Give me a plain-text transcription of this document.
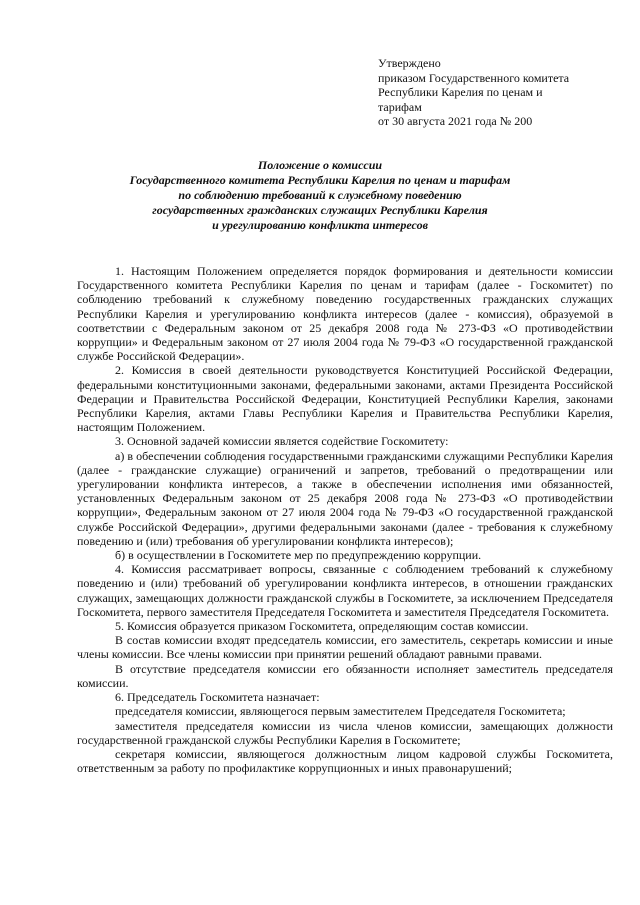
Утверждено
приказом Государственного комитета
Республики Карелия по ценам и
тарифам
от 30 августа 2021 года № 200
Положение о комиссии
Государственного комитета Республики Карелия по ценам и тарифам
по соблюдению требований к служебному поведению
государственных гражданских служащих Республики Карелия
и урегулированию конфликта интересов

1. Настоящим Положением определяется порядок формирования и деятельности комиссии Государственного комитета Республики Карелия по ценам и тарифам (далее - Госкомитет) по соблюдению требований к служебному поведению государственных гражданских служащих Республики Карелия и урегулированию конфликта интересов (далее - комиссия), образуемой в соответствии с Федеральным законом от 25 декабря 2008 года № 273-ФЗ «О противодействии коррупции» и Федеральным законом от 27 июля 2004 года № 79-ФЗ «О государственной гражданской службе Российской Федерации».

2. Комиссия в своей деятельности руководствуется Конституцией Российской Федерации, федеральными конституционными законами, федеральными законами, актами Президента Российской Федерации и Правительства Российской Федерации, Конституцией Республики Карелия, законами Республики Карелия, актами Главы Республики Карелия и Правительства Республики Карелия, настоящим Положением.

3. Основной задачей комиссии является содействие Госкомитету:

а) в обеспечении соблюдения государственными гражданскими служащими Республики Карелия (далее - гражданские служащие) ограничений и запретов, требований о предотвращении или урегулировании конфликта интересов, а также в обеспечении исполнения ими обязанностей, установленных Федеральным законом от 25 декабря 2008 года № 273-ФЗ «О противодействии коррупции», Федеральным законом от 27 июля 2004 года № 79-ФЗ «О государственной гражданской службе Российской Федерации», другими федеральными законами (далее - требования к служебному поведению и (или) требования об урегулировании конфликта интересов);

б) в осуществлении в Госкомитете мер по предупреждению коррупции.

4. Комиссия рассматривает вопросы, связанные с соблюдением требований к служебному поведению и (или) требований об урегулировании конфликта интересов, в отношении гражданских служащих, замещающих должности гражданской службы в Госкомитете, за исключением Председателя Госкомитета, первого заместителя Председателя Госкомитета и заместителя Председателя Госкомитета.

5. Комиссия образуется приказом Госкомитета, определяющим состав комиссии.

В состав комиссии входят председатель комиссии, его заместитель, секретарь комиссии и иные члены комиссии. Все члены комиссии при принятии решений обладают равными правами.

В отсутствие председателя комиссии его обязанности исполняет заместитель председателя комиссии.

6. Председатель Госкомитета назначает:

председателя комиссии, являющегося первым заместителем Председателя Госкомитета;

заместителя председателя комиссии из числа членов комиссии, замещающих должности государственной гражданской службы Республики Карелия в Госкомитете;

секретаря комиссии, являющегося должностным лицом кадровой службы Госкомитета, ответственным за работу по профилактике коррупционных и иных правонарушений;
